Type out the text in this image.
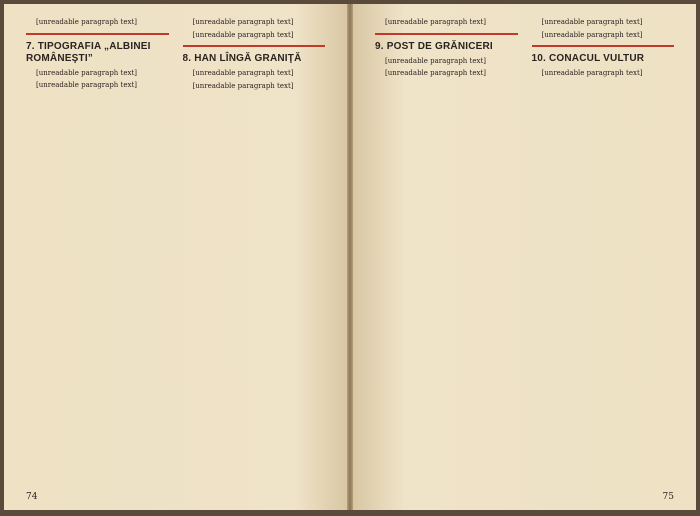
[unreadable paragraph text]

7. TIPOGRAFIA „ALBINEI ROMÂNEŞTI”

[unreadable paragraph text]

[unreadable paragraph text]

[unreadable paragraph text]

[unreadable paragraph text]

8. HAN LÎNGĂ GRANIŢĂ

[unreadable paragraph text]

[unreadable paragraph text]

74

[unreadable paragraph text]

9. POST DE GRĂNICERI

[unreadable paragraph text]

[unreadable paragraph text]

[unreadable paragraph text]

[unreadable paragraph text]

10. CONACUL VULTUR

[unreadable paragraph text]

75
